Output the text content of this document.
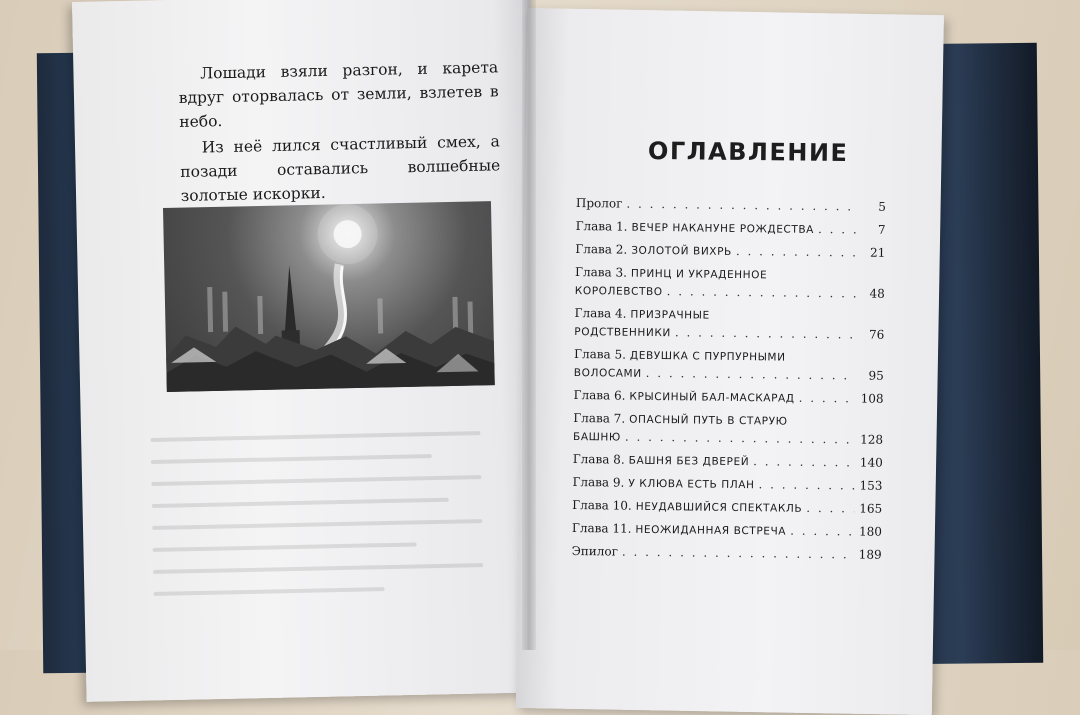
Лошади взяли разгон, и карета вдруг оторвалась от земли, взлетев в небо.

Из неё лился счастливый смех, а позади оставались волшебные золотые искорки.

ОГЛАВЛЕНИЕ
Пролог . . .	5
Глава 1. ВЕЧЕР НАКАНУНЕ РОЖДЕСТВА . . .	7
Глава 2. ЗОЛОТОЙ ВИХРЬ . . .	21
Глава 3. ПРИНЦ И УКРАДЕННОЕ
КОРОЛЕВСТВО . . .	48
Глава 4. ПРИЗРАЧНЫЕ
РОДСТВЕННИКИ . . .	76
Глава 5. ДЕВУШКА С ПУРПУРНЫМИ
ВОЛОСАМИ . . .	95
Глава 6. КРЫСИНЫЙ БАЛ-МАСКАРАД . . .	108
Глава 7. ОПАСНЫЙ ПУТЬ В СТАРУЮ
БАШНЮ . . .	128
Глава 8. БАШНЯ БЕЗ ДВЕРЕЙ . . .	140
Глава 9. У КЛЮВА ЕСТЬ ПЛАН . . .	153
Глава 10. НЕУДАВШИЙСЯ СПЕКТАКЛЬ . . .	165
Глава 11. НЕОЖИДАННАЯ ВСТРЕЧА . . .	180
Эпилог . . .	189
